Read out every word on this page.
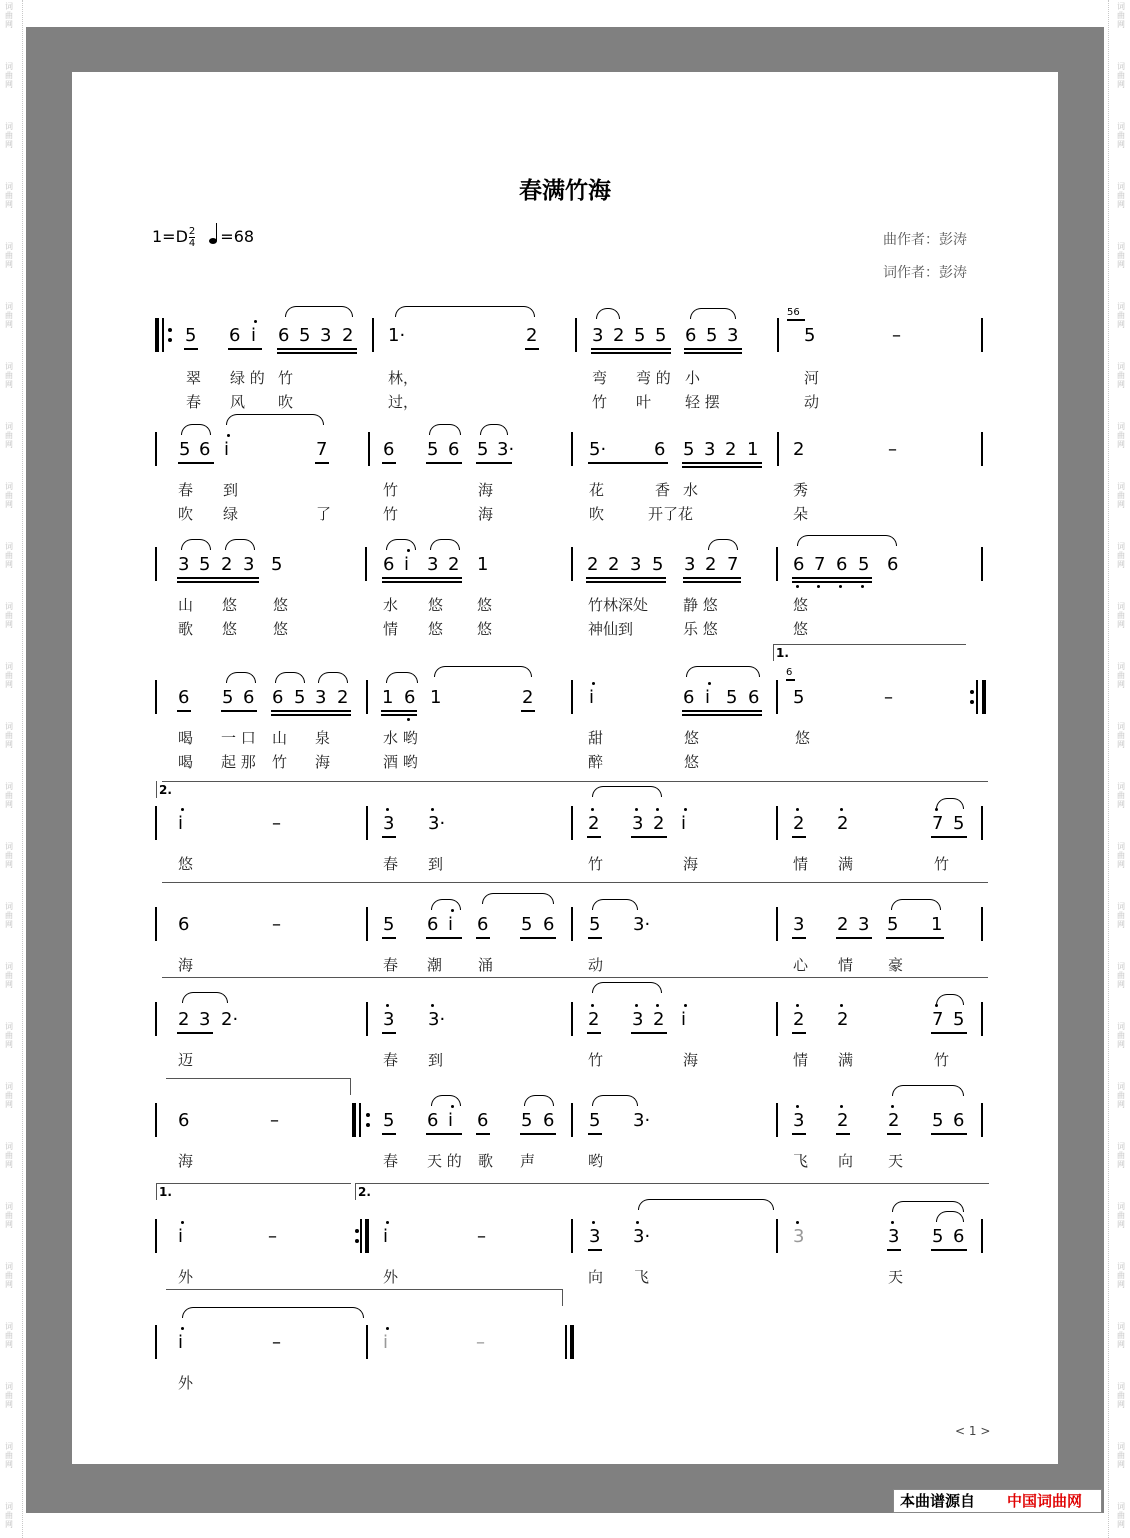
春满竹海
$1=D \frac{2}{4} =68$	曲作者：彭涛
词作者：彭涛
5 6 i 6 5 3 2 1·	2	3 2 5 5 6 5 3
56
5	–
翠 绿 的 竹	林，	弯 弯 的 小	河
春 风 吹	过，	竹 叶 轻 摆	动
5 6 i	7	6 5 6 5 3·	5·	6 5 3 2 1 2	–
春 到	竹	海	花	香 水	秀
吹 绿	了	竹	海	吹	开了花	朵
3 5 2 3 5	6 i 3 2 1	2 2 3 5 3 2 7	6 7 6 5 6
山 悠 悠	水 悠 悠	竹林深处 静 悠	悠
歌 悠 悠	情 悠 悠	神仙到	乐 悠	悠
1.
6 5 6 6 5 3 2 1 6 1	2	i	6 i 5 6
6
5	–
喝 一 口 山 泉	水 哟	甜	悠	悠
喝 起 那 竹 海	酒 哟	醉	悠
2.
i	–	3 3·	2 3 2 i	2 2	7 5
悠	春 到	竹	海	情 满	竹
6	–	5 6 i 6 5 6 5 3·	3 2 3 5 1
海	春 潮 涌	动	心 情 豪
2 3 2·	3 3·	2 3 2 i	2 2	7 5
迈	春 到	竹	海	情 满	竹
6	–	5 6 i 6 5 6 5 3·	3 2 2 5 6
海	春 天 的 歌 声	哟	飞 向 天
1.	2.
i	–	i	–	3 3·	3	3 5 6
外	外	向 飞	天
i	–	i	–
外
< 1 >
本曲谱源自 中国词曲网
词
曲
网
词
曲
网
词
曲
网
词
曲
网
词
曲
网
词
曲
网
词
曲
网
词
曲
网
词
曲
网
词
曲
网
词
曲
网
词
曲
网
词
曲
网
词
曲
网
词
曲
网
词
曲
网
词
曲
网
词
曲
网
词
曲
网
词
曲
网
词
曲
网
词
曲
网
词
曲
网
词
曲
网
词
曲
网
词
曲
网
词
曲
网
词
曲
网
词
曲
网
词
曲
网
词
曲
网
词
曲
网
词
曲
网
词
曲
网
词
曲
网
词
曲
网
词
曲
网
词
曲
网
词
曲
网
词
曲
网
词
曲
网
词
曲
网
词
曲
网
词
曲
网
词
曲
网
词
曲
网
词
曲
网
词
曲
网
词
曲
网
词
曲
网
词
曲
网
词
曲
网
